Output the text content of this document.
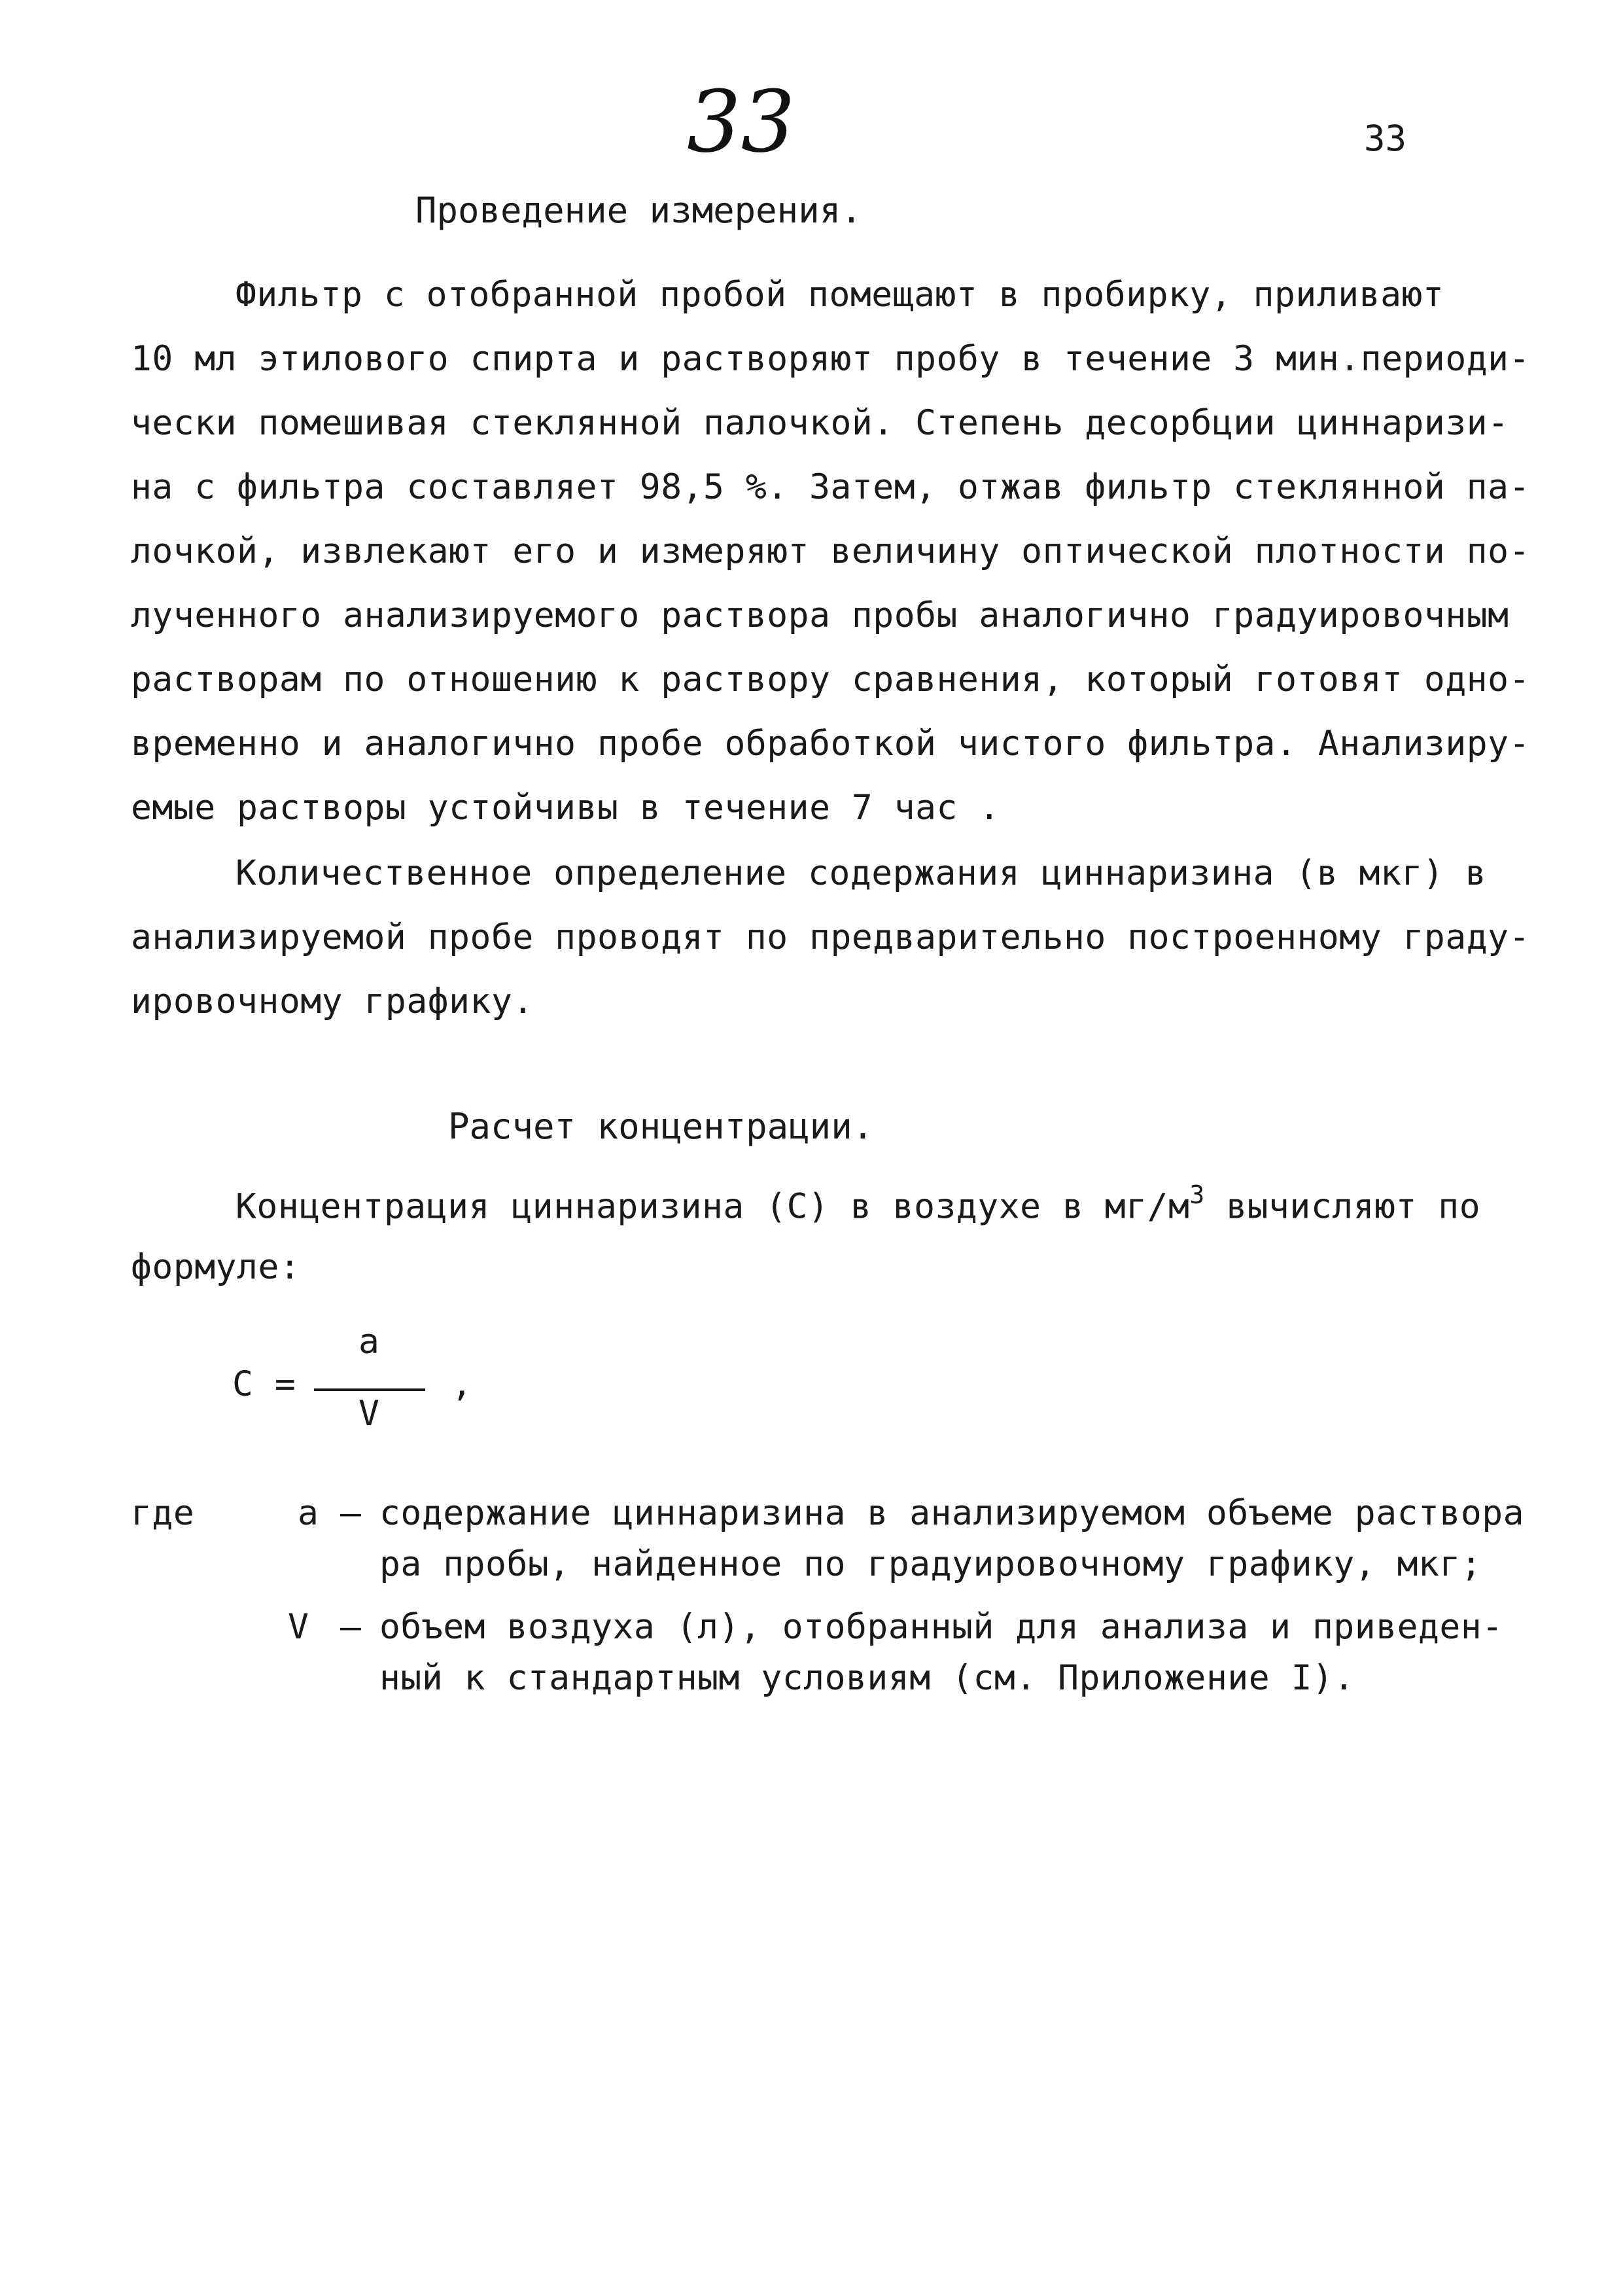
33	33
Проведение измерения.
Фильтр с отобранной пробой помещают в пробирку, приливают
10 мл этилового спирта и растворяют пробу в течение 3 мин.периоди-
чески помешивая стеклянной палочкой. Степень десорбции циннаризи-
на с фильтра составляет 98,5 %. Затем, отжав фильтр стеклянной па-
лочкой, извлекают его и измеряют величину оптической плотности по-
лученного анализируемого раствора пробы аналогично градуировочным
растворам по отношению к раствору сравнения, который готовят одно-
временно и аналогично пробе обработкой чистого фильтра. Анализиру-
емые растворы устойчивы в течение 7 час .
Количественное определение содержания циннаризина (в мкг) в
анализируемой пробе проводят по предварительно построенному граду-
ировочному графику.
Расчет концентрации.
Концентрация циннаризина (С) в воздухе в $мг/м^3$ вычисляют по
формуле:
С =
а
V
,
где	а – содержание циннаризина в анализируемом объеме раствора
ра пробы, найденное по градуировочному графику, мкг;
V – объем воздуха (л), отобранный для анализа и приведен-
ный к стандартным условиям (см. Приложение I).
